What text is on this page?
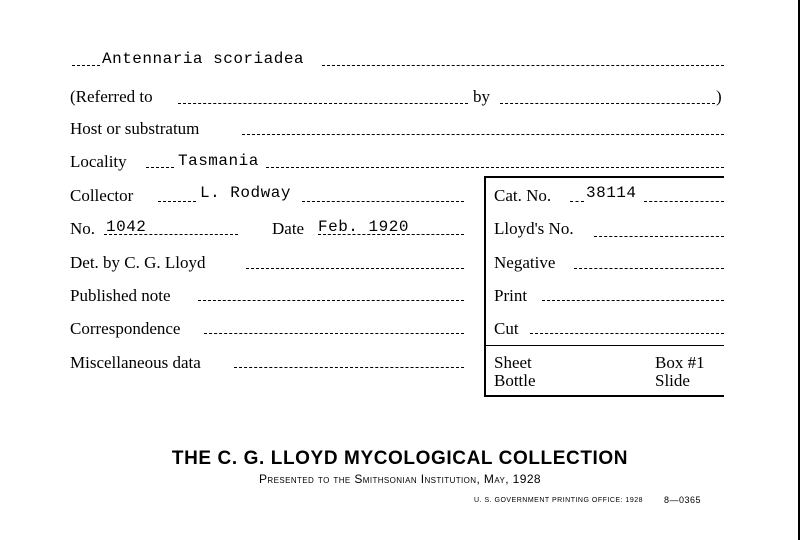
Antennaria scoriadea
(Referred to	by	)
Host or substratum
Locality	Tasmania
Collector	L. Rodway	Cat. No. 38114
No. 1042	Date Feb. 1920	Lloyd's No.
Det. by C. G. Lloyd	Negative
Published note	Print
Correspondence	Cut
Miscellaneous data	Sheet	Box #1
Bottle	Slide
THE C. G. LLOYD MYCOLOGICAL COLLECTION
Presented to the Smithsonian Institution, May, 1928
U. S. GOVERNMENT PRINTING OFFICE: 1928 8—0365
